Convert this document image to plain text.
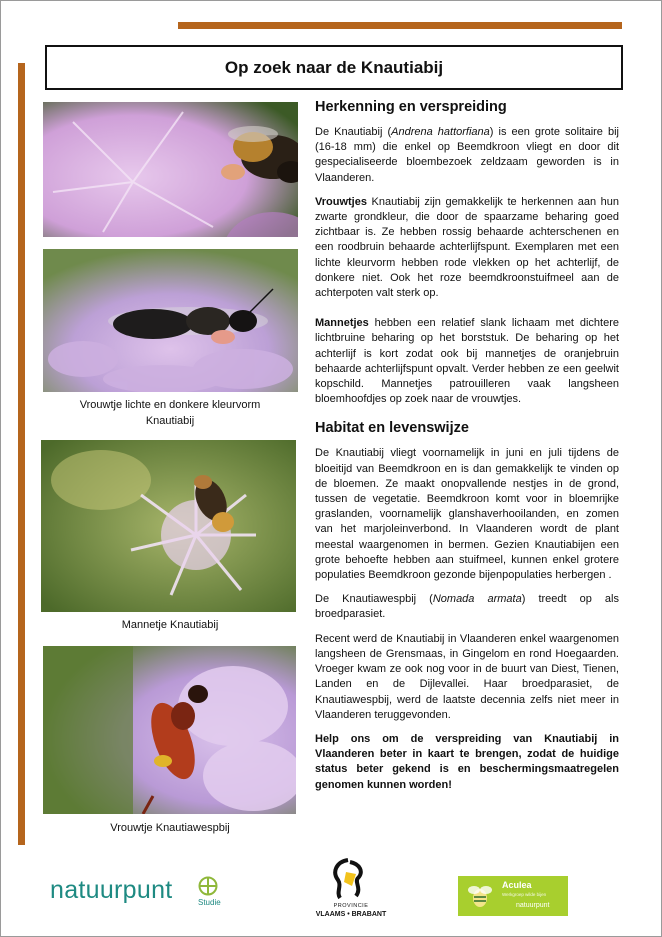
Op zoek naar de Knautiabij
Vrouwtje lichte en donkere kleurvorm
Knautiabij
Mannetje Knautiabij
Vrouwtje Knautiawespbij
Herkenning en verspreiding

De Knautiabij (Andrena hattorfiana) is een grote solitaire bij (16-18 mm) die enkel op Beemdkroon vliegt en door dit gespecialiseerde bloembezoek zeldzaam geworden is in Vlaanderen.

Vrouwtjes Knautiabij zijn gemakkelijk te herkennen aan hun zwarte grondkleur, die door de spaarzame beharing goed zichtbaar is. Ze hebben rossig behaarde achterschenen en een roodbruin behaarde achterlijfspunt. Exemplaren met een lichte kleurvorm hebben rode vlekken op het achterlijf, de donkere niet. Ook het roze beemdkroonstuifmeel aan de achterpoten valt sterk op.

Mannetjes hebben een relatief slank lichaam met dichtere lichtbruine beharing op het borststuk. De beharing op het achterlijf is kort zodat ook bij mannetjes de oranjebruin behaarde achterlijfspunt opvalt. Verder hebben ze een geelwit kopschild. Mannetjes patrouilleren vaak langsheen bloemhoofdjes op zoek naar de vrouwtjes.

Habitat en levenswijze

De Knautiabij vliegt voornamelijk in juni en juli tijdens de bloeitijd van Beemdkroon en is dan gemakkelijk te vinden op de bloemen. Ze maakt onopvallende nestjes in de grond, tussen de vegetatie. Beemdkroon komt voor in bloemrijke graslanden, voornamelijk glanshaverhooilanden, en zomen van het marjoleinverbond. In Vlaanderen wordt de plant meestal waargenomen in bermen. Gezien Knautiabijen een grote behoefte hebben aan stuifmeel, kunnen enkel grotere populaties Beemdkroon gezonde bijenpopulaties herbergen .

De Knautiawespbij (Nomada armata) treedt op als broedparasiet.

Recent werd de Knautiabij in Vlaanderen enkel waargenomen langsheen de Grensmaas, in Gingelom en rond Hoegaarden. Vroeger kwam ze ook nog voor in de buurt van Diest, Tienen, Landen en de Dijlevallei. Haar broedparasiet, de Knautiawespbij, werd de laatste decennia zelfs niet meer in Vlaanderen teruggevonden.

Help ons om de verspreiding van Knautiabij in Vlaanderen beter in kaart te brengen, zodat de huidige status beter gekend is en beschermingsmaatregelen genomen kunnen worden!

natuurpunt	Studie	PROVINCIE
VLAAMS • BRABANT
Aculea
Werkgroep wilde bijen
natuurpunt
